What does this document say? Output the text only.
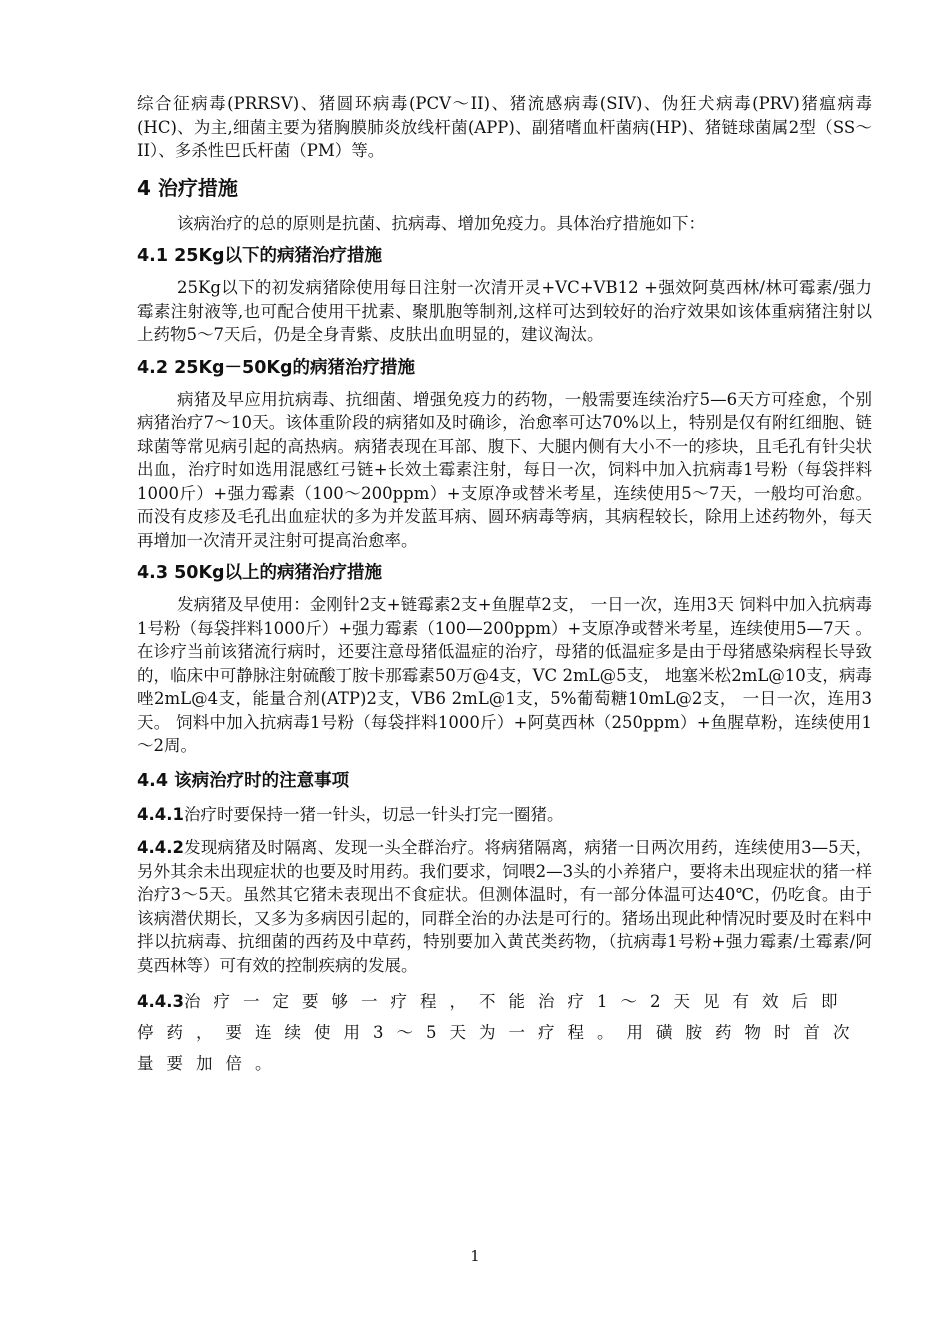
综合征病毒(PRRSV)、猪圆环病毒(PCV～II)、猪流感病毒(SIV)、伪狂犬病毒(PRV)猪瘟病毒(HC)、为主,细菌主要为猪胸膜肺炎放线杆菌(APP)、副猪嗜血杆菌病(HP)、猪链球菌属2型（SS～II）、多杀性巴氏杆菌（PM）等。

4 治疗措施

该病治疗的总的原则是抗菌、抗病毒、增加免疫力。具体治疗措施如下：

4.1 25Kg以下的病猪治疗措施

25Kg以下的初发病猪除使用每日注射一次清开灵+VC+VB12 +强效阿莫西林/林可霉素/强力霉素注射液等,也可配合使用干扰素、聚肌胞等制剂,这样可达到较好的治疗效果如该体重病猪注射以上药物5～7天后，仍是全身青紫、皮肤出血明显的，建议淘汰。

4.2 25Kg－50Kg的病猪治疗措施

病猪及早应用抗病毒、抗细菌、增强免疫力的药物，一般需要连续治疗5—6天方可痊愈，个别病猪治疗7～10天。该体重阶段的病猪如及时确诊，治愈率可达70%以上，特别是仅有附红细胞、链球菌等常见病引起的高热病。病猪表现在耳部、腹下、大腿内侧有大小不一的疹块，且毛孔有针尖状出血，治疗时如选用混感红弓链+长效土霉素注射，每日一次，饲料中加入抗病毒1号粉（每袋拌料1000斤）+强力霉素（100～200ppm）+支原净或替米考星，连续使用5～7天，一般均可治愈。 而没有皮疹及毛孔出血症状的多为并发蓝耳病、圆环病毒等病，其病程较长，除用上述药物外，每天再增加一次清开灵注射可提高治愈率。

4.3 50Kg以上的病猪治疗措施

发病猪及早使用：金刚针2支+链霉素2支+鱼腥草2支， 一日一次，连用3天 饲料中加入抗病毒1号粉（每袋拌料1000斤）+强力霉素（100—200ppm）+支原净或替米考星，连续使用5—7天 。在诊疗当前该猪流行病时，还要注意母猪低温症的治疗，母猪的低温症多是由于母猪感染病程长导致的，临床中可静脉注射硫酸丁胺卡那霉素50万@4支，VC 2mL@5支， 地塞米松2mL@10支，病毒唑2mL@4支，能量合剂(ATP)2支，VB6 2mL@1支，5%葡萄糖10mL@2支， 一日一次，连用3天。 饲料中加入抗病毒1号粉（每袋拌料1000斤）+阿莫西林（250ppm）+鱼腥草粉，连续使用1～2周。

4.4 该病治疗时的注意事项

4.4.1治疗时要保持一猪一针头，切忌一针头打完一圈猪。

4.4.2发现病猪及时隔离、发现一头全群治疗。将病猪隔离，病猪一日两次用药，连续使用3—5天，另外其余未出现症状的也要及时用药。我们要求，饲喂2—3头的小养猪户，要将未出现症状的猪一样治疗3～5天。虽然其它猪未表现出不食症状。但测体温时，有一部分体温可达40℃，仍吃食。由于该病潜伏期长，又多为多病因引起的，同群全治的办法是可行的。猪场出现此种情况时要及时在料中拌以抗病毒、抗细菌的西药及中草药，特别要加入黄芪类药物，（抗病毒1号粉+强力霉素/土霉素/阿莫西林等）可有效的控制疾病的发展。

4.4.3治疗一定要够一疗程，不能治疗1～2天见有效后即停药，要连续使用3～5天为一疗程。用磺胺药物时首次量要加倍。

1
